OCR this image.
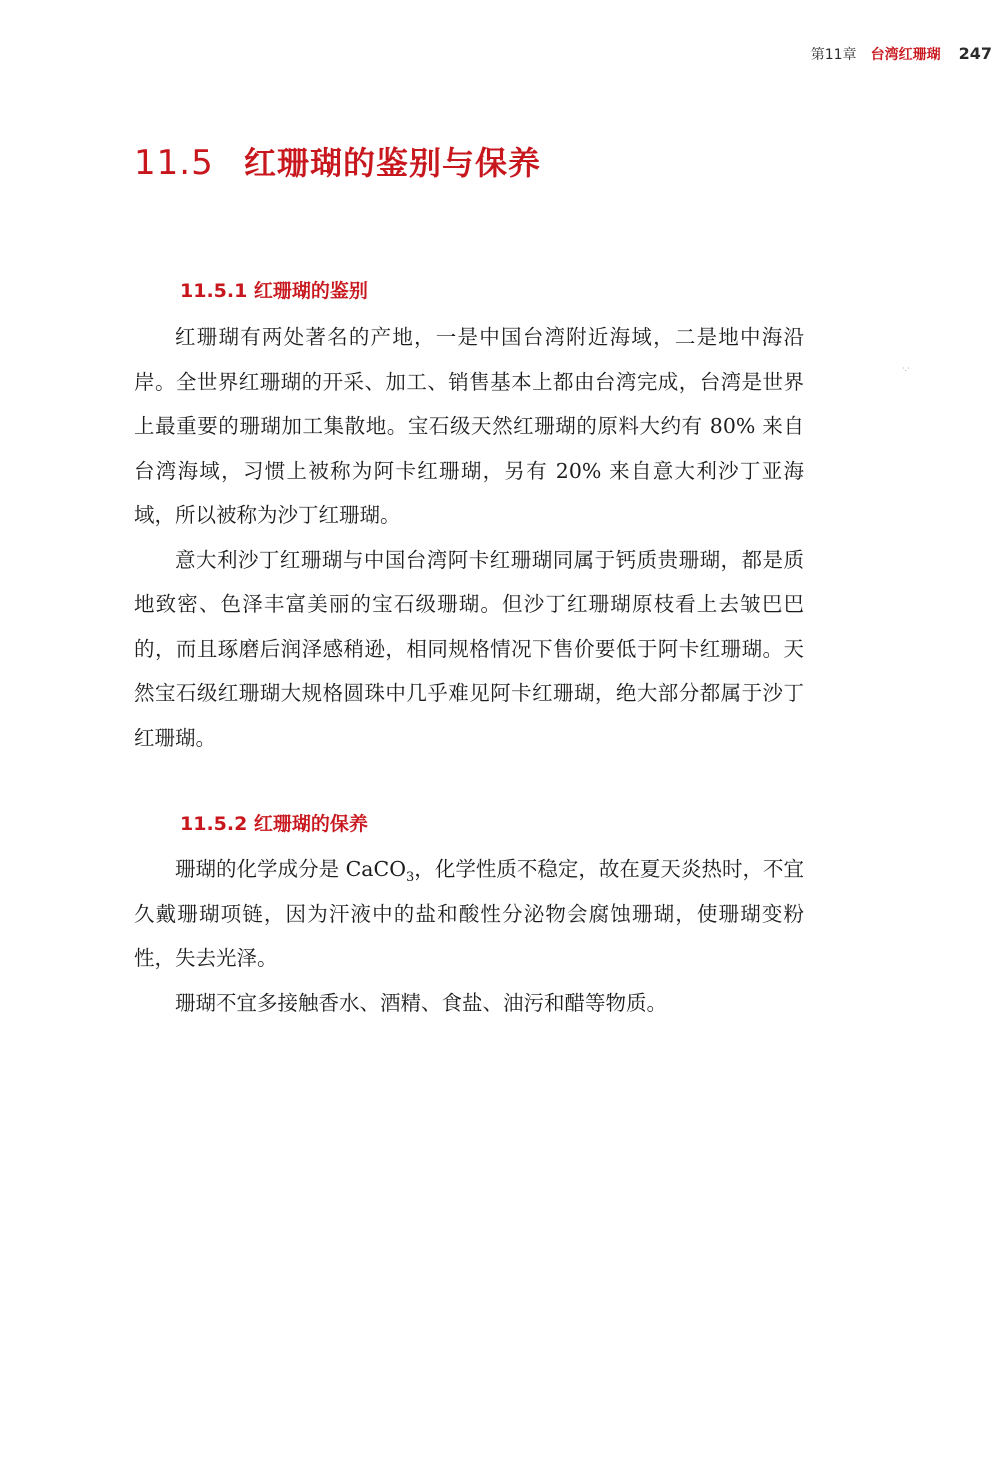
第11章 台湾红珊瑚 247
11.5 红珊瑚的鉴别与保养
11.5.1 红珊瑚的鉴别

红珊瑚有两处著名的产地，一是中国台湾附近海域，二是地中海沿岸。全世界红珊瑚的开采、加工、销售基本上都由台湾完成，台湾是世界上最重要的珊瑚加工集散地。宝石级天然红珊瑚的原料大约有 80% 来自台湾海域，习惯上被称为阿卡红珊瑚，另有 20% 来自意大利沙丁亚海域，所以被称为沙丁红珊瑚。

意大利沙丁红珊瑚与中国台湾阿卡红珊瑚同属于钙质贵珊瑚，都是质地致密、色泽丰富美丽的宝石级珊瑚。但沙丁红珊瑚原枝看上去皱巴巴的，而且琢磨后润泽感稍逊，相同规格情况下售价要低于阿卡红珊瑚。天然宝石级红珊瑚大规格圆珠中几乎难见阿卡红珊瑚，绝大部分都属于沙丁红珊瑚。

11.5.2 红珊瑚的保养

珊瑚的化学成分是 CaCO$_3$，化学性质不稳定，故在夏天炎热时，不宜久戴珊瑚项链，因为汗液中的盐和酸性分泌物会腐蚀珊瑚，使珊瑚变粉性，失去光泽。

珊瑚不宜多接触香水、酒精、食盐、油污和醋等物质。

·.·
